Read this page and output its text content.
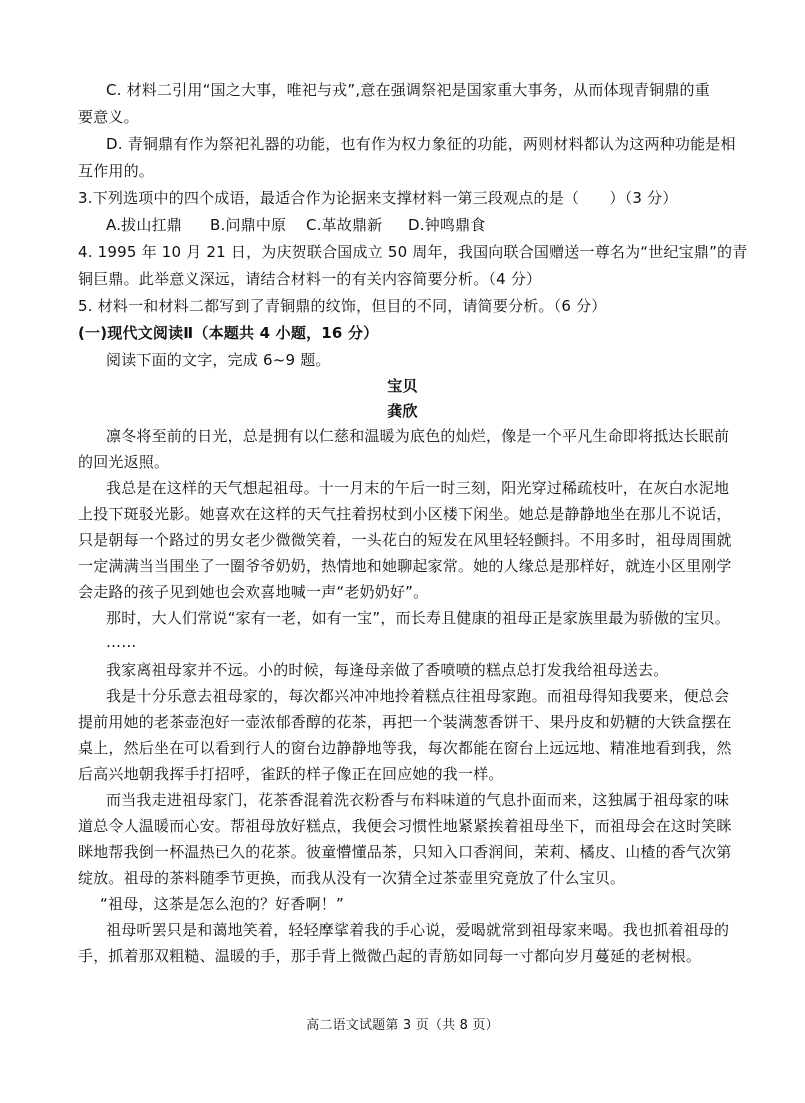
C. 材料二引用“国之大事，唯祀与戎”,意在强调祭祀是国家重大事务，从而体现青铜鼎的重
要意义。
D. 青铜鼎有作为祭祀礼器的功能，也有作为权力象征的功能，两则材料都认为这两种功能是相
互作用的。
3.下列选项中的四个成语，最适合作为论据来支撑材料一第三段观点的是（　　）（3 分）
A.拔山扛鼎 B.问鼎中原 C.革故鼎新 D.钟鸣鼎食
4. 1995 年 10 月 21 日，为庆贺联合国成立 50 周年，我国向联合国赠送一尊名为“世纪宝鼎”的青
铜巨鼎。此举意义深远，请结合材料一的有关内容简要分析。（4 分）
5. 材料一和材料二都写到了青铜鼎的纹饰，但目的不同，请简要分析。（6 分）
(一)现代文阅读Ⅱ（本题共 4 小题，16 分）
阅读下面的文字，完成 6~9 题。
宝贝
龚欣
凛冬将至前的日光，总是拥有以仁慈和温暖为底色的灿烂，像是一个平凡生命即将抵达长眠前
的回光返照。
我总是在这样的天气想起祖母。十一月末的午后一时三刻，阳光穿过稀疏枝叶，在灰白水泥地
上投下斑驳光影。她喜欢在这样的天气拄着拐杖到小区楼下闲坐。她总是静静地坐在那儿不说话，
只是朝每一个路过的男女老少微微笑着，一头花白的短发在风里轻轻颤抖。不用多时，祖母周围就
一定满满当当围坐了一圈爷爷奶奶，热情地和她聊起家常。她的人缘总是那样好，就连小区里刚学
会走路的孩子见到她也会欢喜地喊一声“老奶奶好”。
那时，大人们常说“家有一老，如有一宝”，而长寿且健康的祖母正是家族里最为骄傲的宝贝。
……
我家离祖母家并不远。小的时候，每逢母亲做了香喷喷的糕点总打发我给祖母送去。
我是十分乐意去祖母家的，每次都兴冲冲地拎着糕点往祖母家跑。而祖母得知我要来，便总会
提前用她的老茶壶泡好一壶浓郁香醇的花茶，再把一个装满葱香饼干、果丹皮和奶糖的大铁盒摆在
桌上，然后坐在可以看到行人的窗台边静静地等我，每次都能在窗台上远远地、精准地看到我，然
后高兴地朝我挥手打招呼，雀跃的样子像正在回应她的我一样。
而当我走进祖母家门，花茶香混着洗衣粉香与布料味道的气息扑面而来，这独属于祖母家的味
道总令人温暖而心安。帮祖母放好糕点，我便会习惯性地紧紧挨着祖母坐下，而祖母会在这时笑眯
眯地帮我倒一杯温热已久的花茶。彼童懵懂品茶，只知入口香润间，茉莉、橘皮、山楂的香气次第
绽放。祖母的茶料随季节更换，而我从没有一次猜全过茶壶里究竟放了什么宝贝。
“祖母，这茶是怎么泡的？好香啊！”
祖母听罢只是和蔼地笑着，轻轻摩挲着我的手心说，爱喝就常到祖母家来喝。我也抓着祖母的
手，抓着那双粗糙、温暖的手，那手背上微微凸起的青筋如同每一寸都向岁月蔓延的老树根。
高二语文试题第 3 页（共 8 页）
